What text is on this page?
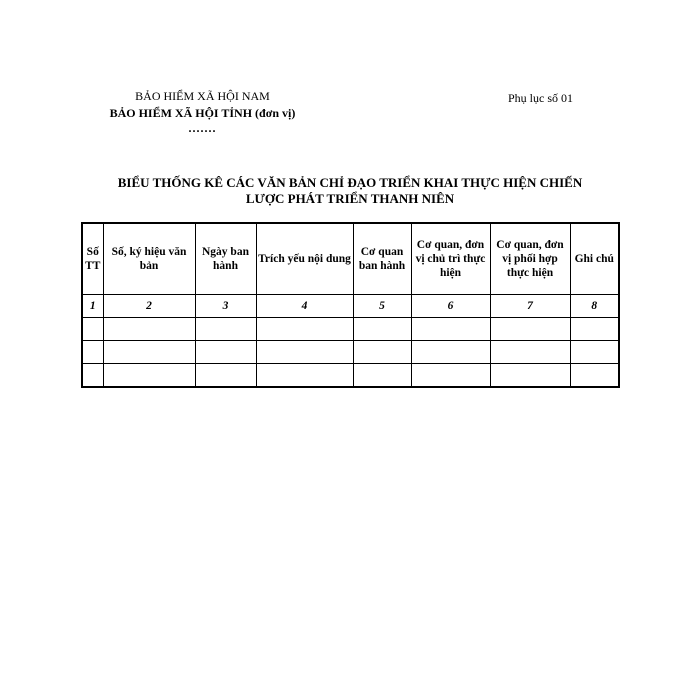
BẢO HIỂM XÃ HỘI NAM
BẢO HIỂM XÃ HỘI TỈNH (đơn vị)
.......
Phụ lục số 01
BIỂU THỐNG KÊ CÁC VĂN BẢN CHỈ ĐẠO TRIỂN KHAI THỰC HIỆN CHIẾN
LƯỢC PHÁT TRIỂN THANH NIÊN
Số TT	Số, ký hiệu văn bản	Ngày ban hành	Trích yếu nội dung	Cơ quan ban hành	Cơ quan, đơn vị chủ trì thực hiện	Cơ quan, đơn vị phối hợp thực hiện	Ghi chú
1	2	3	4	5	6	7	8
